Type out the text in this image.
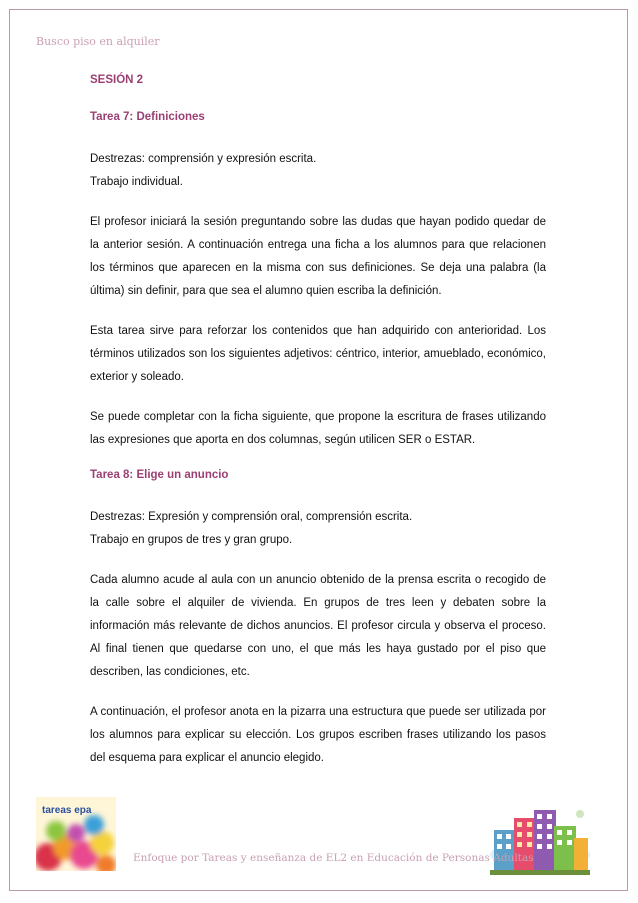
Busco piso en alquiler

SESIÓN 2

Tarea 7: Definiciones

Destrezas: comprensión y expresión escrita.

Trabajo individual.

El profesor iniciará la sesión preguntando sobre las dudas que hayan podido quedar de la anterior sesión. A continuación entrega una ficha a los alumnos para que relacionen los términos que aparecen en la misma con sus definiciones. Se deja una palabra (la última) sin definir, para que sea el alumno quien escriba la definición.

Esta tarea sirve para reforzar los contenidos que han adquirido con anterioridad. Los términos utilizados son los siguientes adjetivos: céntrico, interior, amueblado, económico, exterior y soleado.

Se puede completar con la ficha siguiente, que propone la escritura de frases utilizando las expresiones que aporta en dos columnas, según utilicen SER o ESTAR.

Tarea 8: Elige un anuncio

Destrezas: Expresión y comprensión oral, comprensión escrita.

Trabajo en grupos de tres y gran grupo.

Cada alumno acude al aula con un anuncio obtenido de la prensa escrita o recogido de la calle sobre el alquiler de vivienda. En grupos de tres leen y debaten sobre la información más relevante de dichos anuncios. El profesor circula y observa el proceso. Al final tienen que quedarse con uno, el que más les haya gustado por el piso que describen, las condiciones, etc.

A continuación, el profesor anota en la pizarra una estructura que puede ser utilizada por los alumnos para explicar su elección. Los grupos escriben frases utilizando los pasos del esquema para explicar el anuncio elegido.

tareas epa
Enfoque por Tareas y enseñanza de EL2 en Educación de Personas Adultas
